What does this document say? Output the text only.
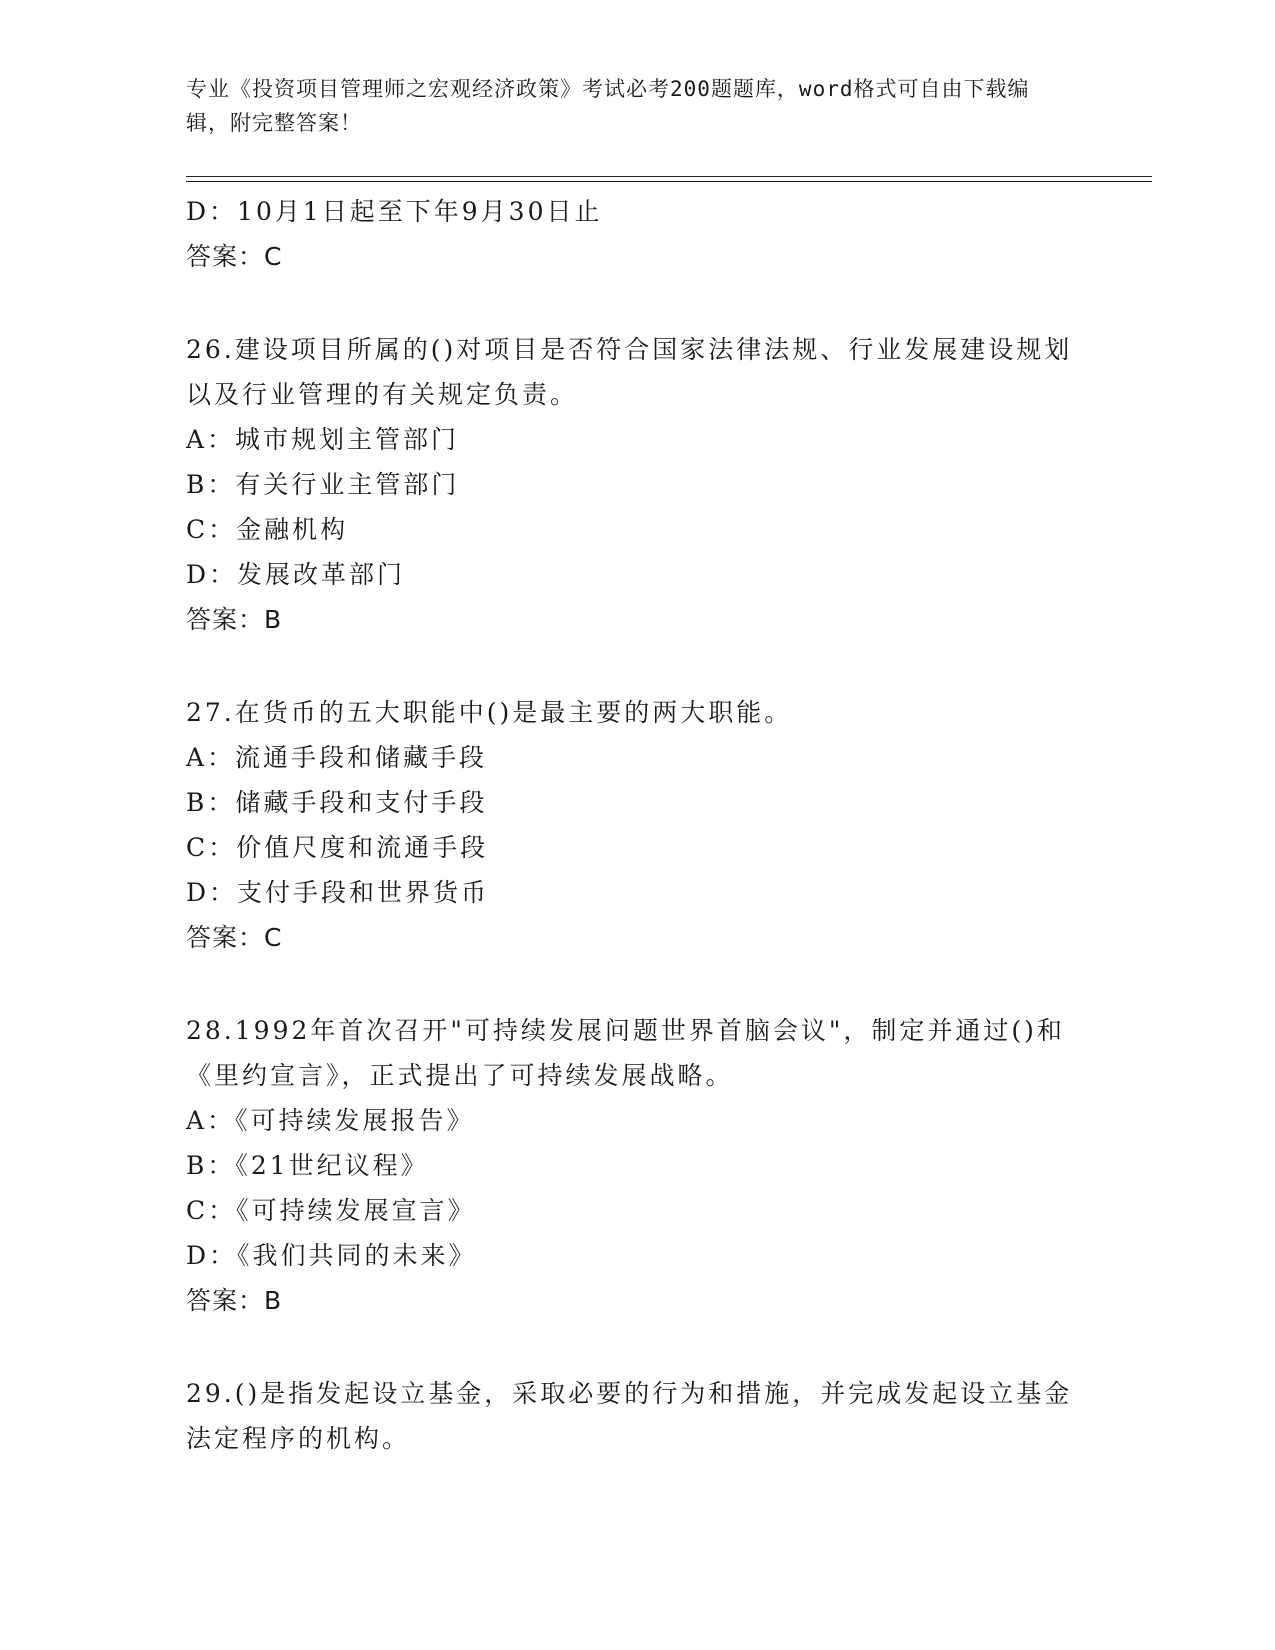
专业《投资项目管理师之宏观经济政策》考试必考200题题库，word格式可自由下载编辑，附完整答案！
D：10月1日起至下年9月30日止
答案：C
26.建设项目所属的()对项目是否符合国家法律法规、行业发展建设规划以及行业管理的有关规定负责。
A：城市规划主管部门
B：有关行业主管部门
C：金融机构
D：发展改革部门
答案：B
27.在货币的五大职能中()是最主要的两大职能。
A：流通手段和储藏手段
B：储藏手段和支付手段
C：价值尺度和流通手段
D：支付手段和世界货币
答案：C
28.1992年首次召开"可持续发展问题世界首脑会议"，制定并通过()和《里约宣言》，正式提出了可持续发展战略。
A：《可持续发展报告》
B：《21世纪议程》
C：《可持续发展宣言》
D：《我们共同的未来》
答案：B
29.()是指发起设立基金，采取必要的行为和措施，并完成发起设立基金法定程序的机构。
